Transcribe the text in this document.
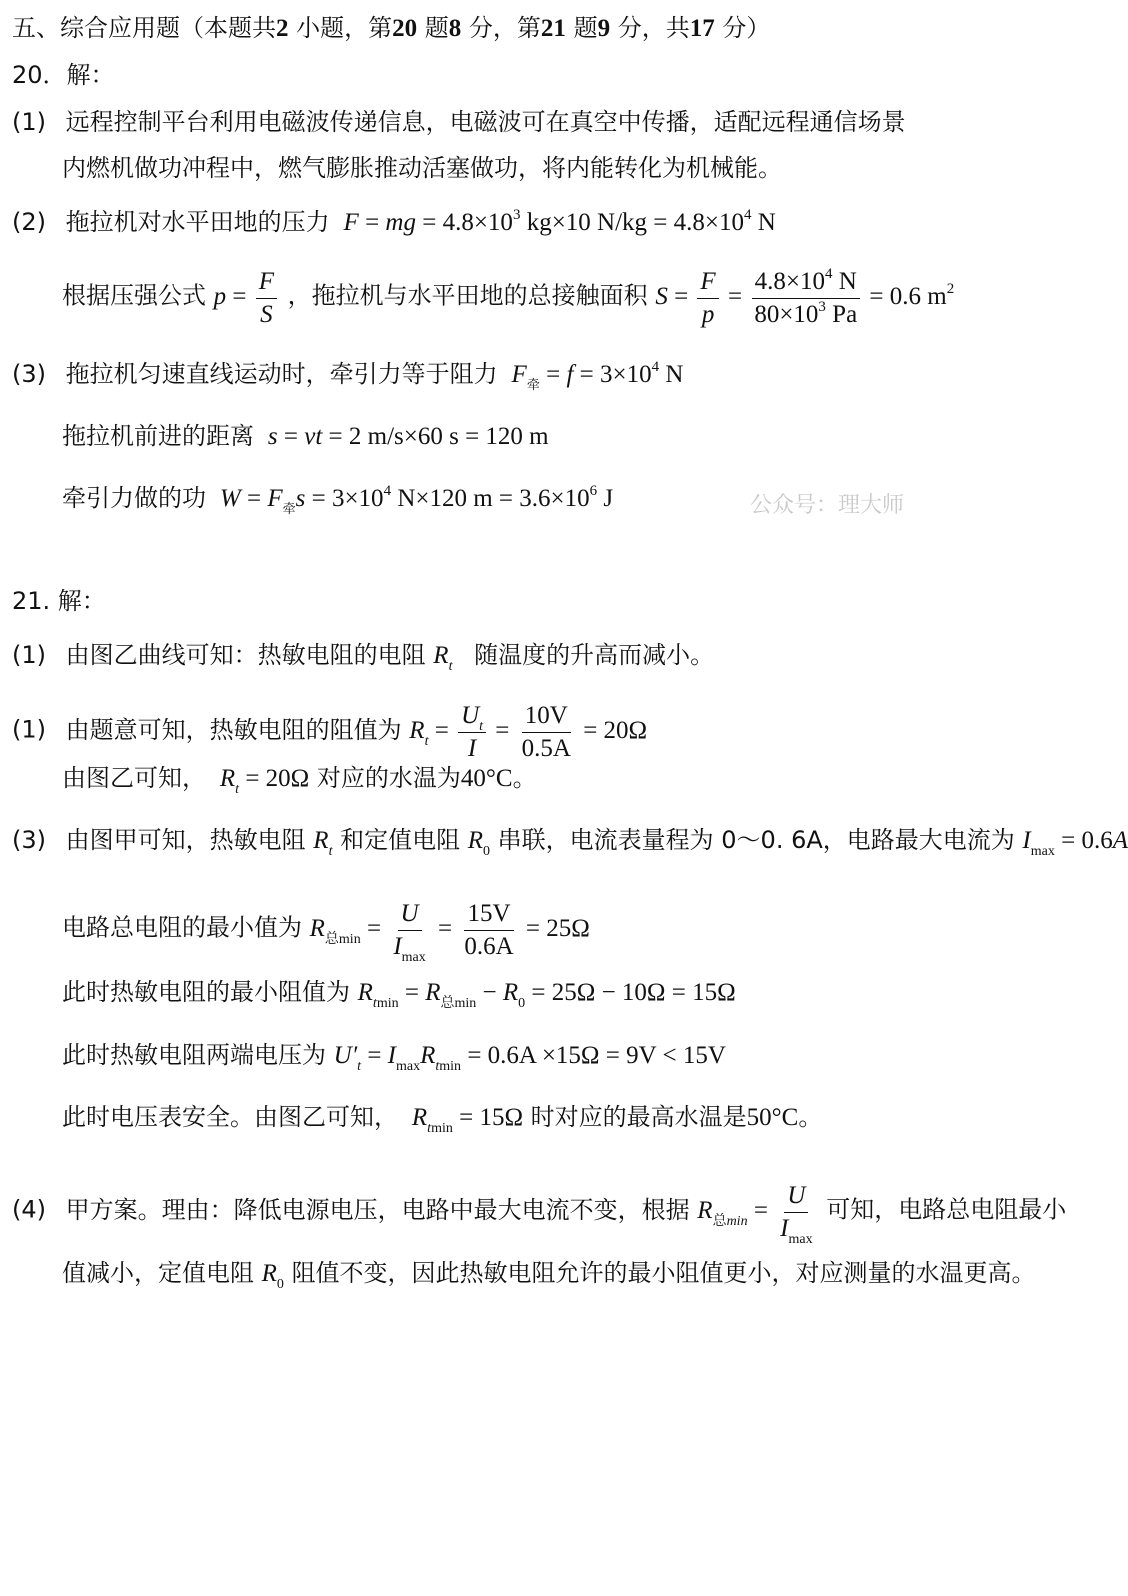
五、综合应用题（本题共2 小题，第20 题8 分，第21 题9 分，共17 分）
20．解：
(1) 远程控制平台利用电磁波传递信息，电磁波可在真空中传播，适配远程通信场景
内燃机做功冲程中，燃气膨胀推动活塞做功，将内能转化为机械能。
(2) 拖拉机对水平田地的压力 F = mg = $4.8\times 10^3$ kg×10 $N/kg = 4.8\times 10^4$ N
根据压强公式 $p = \frac{F}{S}$ ，拖拉机与水平田地的总接触面积 $S = \frac{F}{p} = \frac{4.8\times 10^4 N}{80\times 10^3 Pa} = 0.6$ $m^2$
(3) 拖拉机匀速直线运动时，牵引力等于阻力 $F_牵 = f = 3\times 10^4$ N
拖拉机前进的距离 s = vt = 2 m/s×60 s = 120 m
牵引力做的功 $W = F_牵s = 3\times 10^4$ N×120 $m = 3.6\times 10^6$ J	公众号：理大师
21. 解：
(1) 由图乙曲线可知：热敏电阻的电阻 $R_t$ 随温度的升高而减小。
(1) 由题意可知，热敏电阻的阻值为 $R_t = \frac{U_t}{I} = \frac{10V}{0.5A} = 20\Omega$
由图乙可知， $R_t = 20\Omega$ 对应的水温为40°C。
(3) 由图甲可知，热敏电阻 $R_t$ 和定值电阻 $R_0$ 串联，电流表量程为 0～0. 6A，电路最大电流为 $I_{max} = 0.6A$
电路总电阻的最小值为 $R_{总min} = \frac{U}{I_{max}} = \frac{15V}{0.6A} = 25\Omega$
此时热敏电阻的最小阻值为 $R_{tmin} = R_{总min} - R_0 = 25\Omega - 10\Omega = 15\Omega$
此时热敏电阻两端电压为 $U'_t = I_{max}R_{tmin} = 0.6A \times 15\Omega = 9V < 15V$
此时电压表安全。由图乙可知， $R_{tmin} = 15\Omega$ 时对应的最高水温是50°C。
(4) 甲方案。理由：降低电源电压，电路中最大电流不变，根据 $R_{总min} = \frac{U}{I_{max}}$ 可知，电路总电阻最小
值减小，定值电阻 $R_0$ 阻值不变，因此热敏电阻允许的最小阻值更小，对应测量的水温更高。
